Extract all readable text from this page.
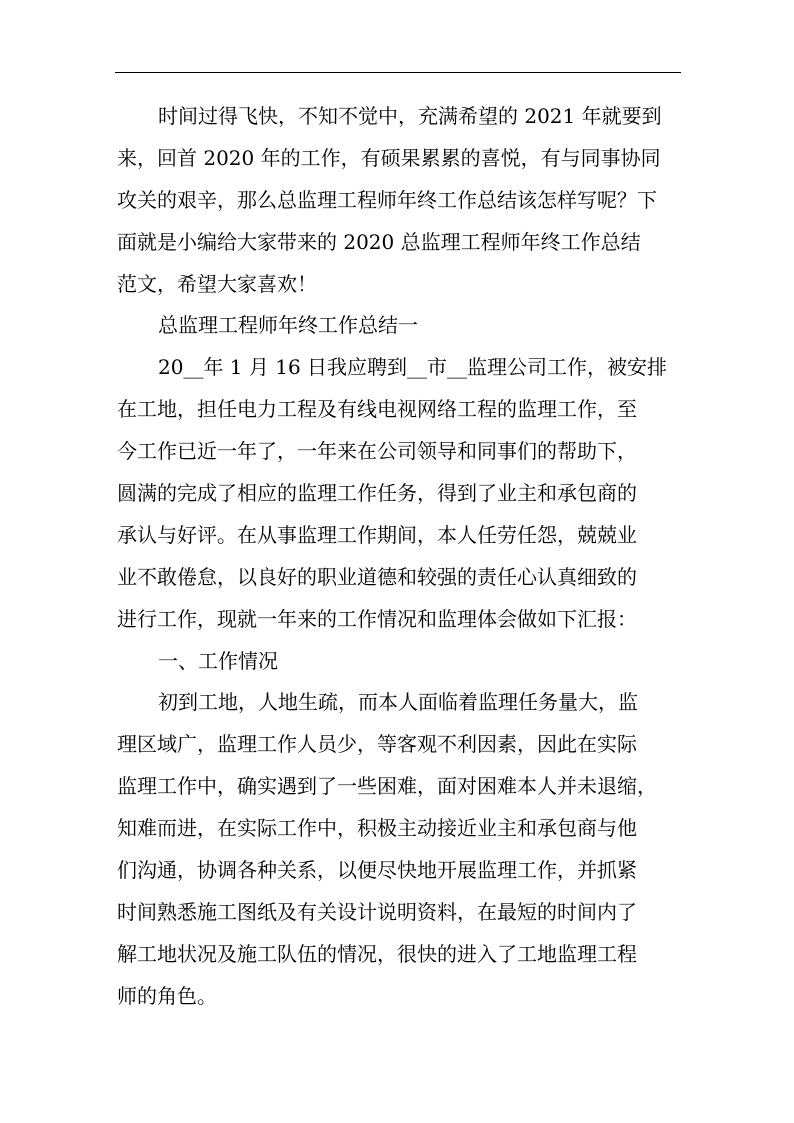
时间过得飞快，不知不觉中，充满希望的 2021 年就要到
来，回首 2020 年的工作，有硕果累累的喜悦，有与同事协同
攻关的艰辛，那么总监理工程师年终工作总结该怎样写呢？下
面就是小编给大家带来的 2020 总监理工程师年终工作总结
范文，希望大家喜欢！
总监理工程师年终工作总结一
20__年 1 月 16 日我应聘到__市__监理公司工作，被安排
在工地，担任电力工程及有线电视网络工程的监理工作，至
今工作已近一年了，一年来在公司领导和同事们的帮助下，
圆满的完成了相应的监理工作任务，得到了业主和承包商的
承认与好评。在从事监理工作期间，本人任劳任怨，兢兢业
业不敢倦怠，以良好的职业道德和较强的责任心认真细致的
进行工作，现就一年来的工作情况和监理体会做如下汇报：
一、工作情况
初到工地，人地生疏，而本人面临着监理任务量大，监
理区域广，监理工作人员少，等客观不利因素，因此在实际
监理工作中，确实遇到了一些困难，面对困难本人并未退缩，
知难而进，在实际工作中，积极主动接近业主和承包商与他
们沟通，协调各种关系，以便尽快地开展监理工作，并抓紧
时间熟悉施工图纸及有关设计说明资料，在最短的时间内了
解工地状况及施工队伍的情况，很快的进入了工地监理工程
师的角色。
